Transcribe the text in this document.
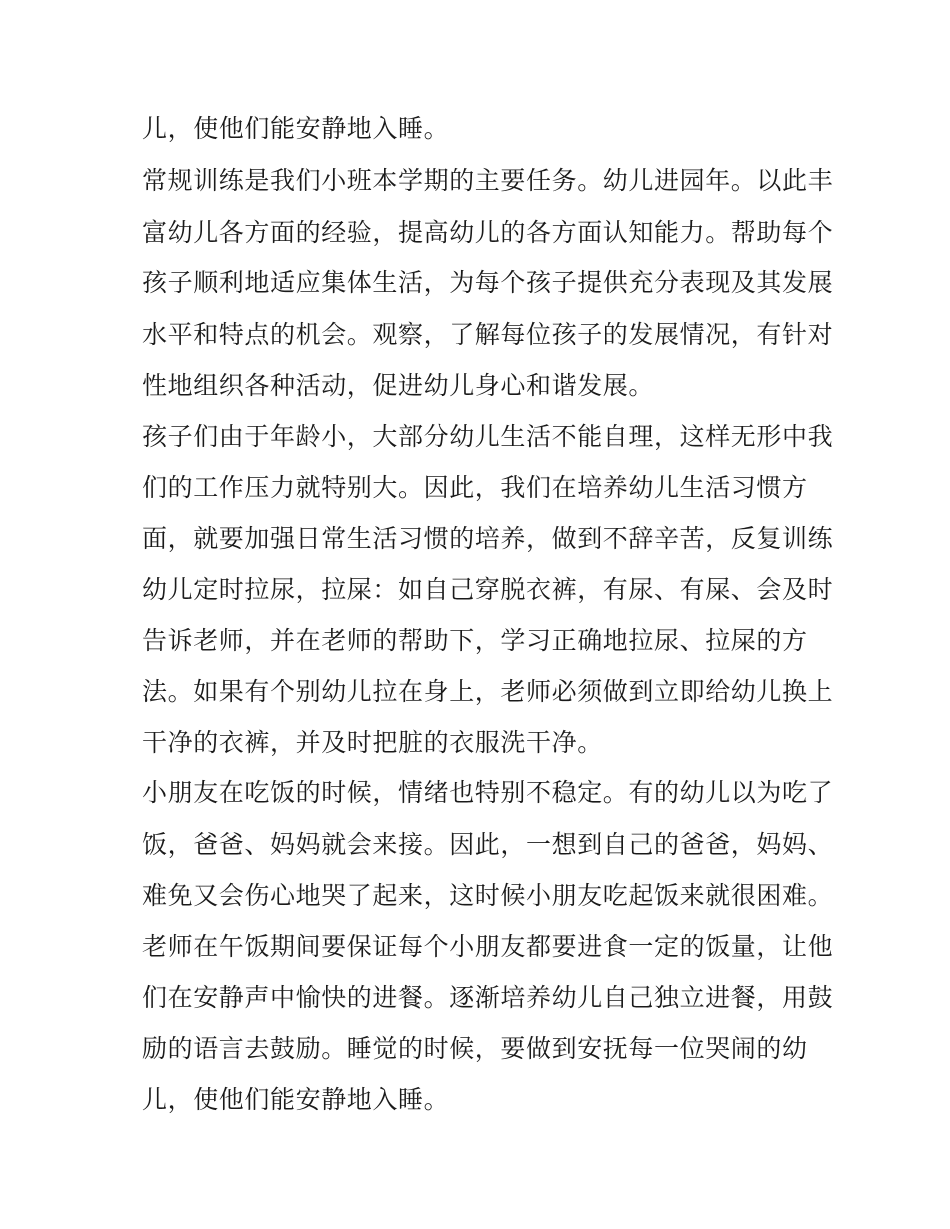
儿，使他们能安静地入睡。

常规训练是我们小班本学期的主要任务。幼儿进园年。以此丰

富幼儿各方面的经验，提高幼儿的各方面认知能力。帮助每个

孩子顺利地适应集体生活，为每个孩子提供充分表现及其发展

水平和特点的机会。观察，了解每位孩子的发展情况，有针对

性地组织各种活动，促进幼儿身心和谐发展。

孩子们由于年龄小，大部分幼儿生活不能自理，这样无形中我

们的工作压力就特别大。因此，我们在培养幼儿生活习惯方

面，就要加强日常生活习惯的培养，做到不辞辛苦，反复训练

幼儿定时拉尿，拉屎：如自己穿脱衣裤，有尿、有屎、会及时

告诉老师，并在老师的帮助下，学习正确地拉尿、拉屎的方

法。如果有个别幼儿拉在身上，老师必须做到立即给幼儿换上

干净的衣裤，并及时把脏的衣服洗干净。

小朋友在吃饭的时候，情绪也特别不稳定。有的幼儿以为吃了

饭，爸爸、妈妈就会来接。因此，一想到自己的爸爸，妈妈、

难免又会伤心地哭了起来，这时候小朋友吃起饭来就很困难。

老师在午饭期间要保证每个小朋友都要进食一定的饭量，让他

们在安静声中愉快的进餐。逐渐培养幼儿自己独立进餐，用鼓

励的语言去鼓励。睡觉的时候，要做到安抚每一位哭闹的幼

儿，使他们能安静地入睡。
